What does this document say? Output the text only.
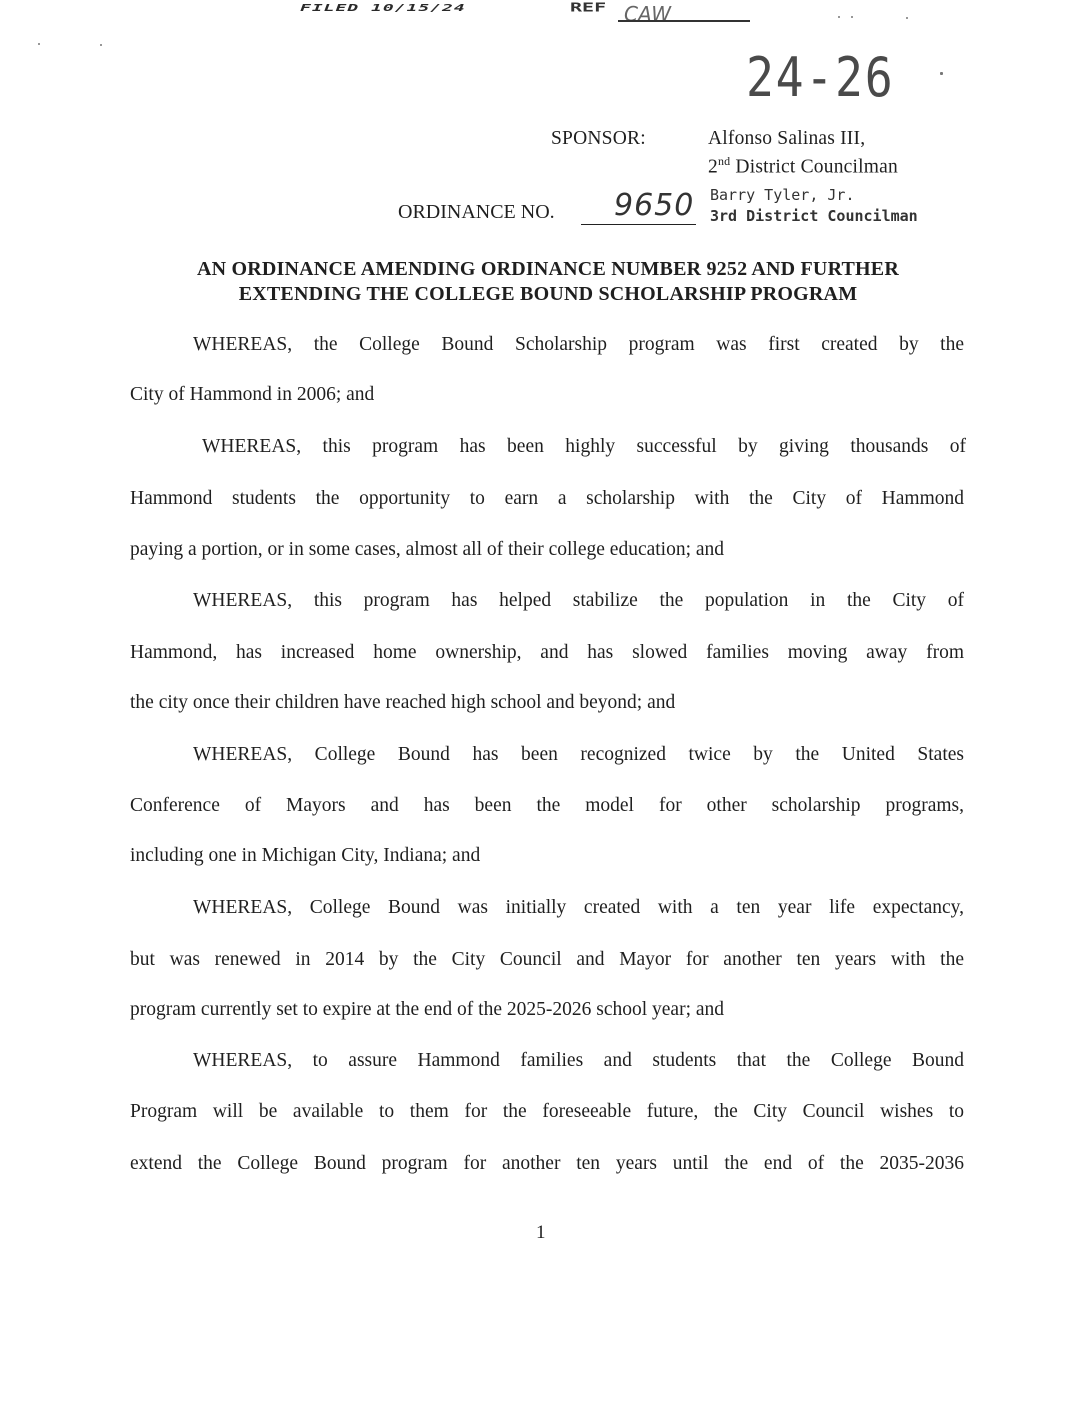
FILED 10/15/24	REF CAW
24-26
SPONSOR:	Alfonso Salinas III,
2nd District Councilman
Barry Tyler, Jr.
3rd District Councilman
ORDINANCE NO. 9650
AN ORDINANCE AMENDING ORDINANCE NUMBER 9252 AND FURTHER
EXTENDING THE COLLEGE BOUND SCHOLARSHIP PROGRAM
WHEREAS, the College Bound Scholarship program was first created by the
City of Hammond in 2006; and
WHEREAS, this program has been highly successful by giving thousands of
Hammond students the opportunity to earn a scholarship with the City of Hammond
paying a portion, or in some cases, almost all of their college education; and
WHEREAS, this program has helped stabilize the population in the City of
Hammond, has increased home ownership, and has slowed families moving away from
the city once their children have reached high school and beyond; and
WHEREAS, College Bound has been recognized twice by the United States
Conference of Mayors and has been the model for other scholarship programs,
including one in Michigan City, Indiana; and
WHEREAS, College Bound was initially created with a ten year life expectancy,
but was renewed in 2014 by the City Council and Mayor for another ten years with the
program currently set to expire at the end of the 2025-2026 school year; and
WHEREAS, to assure Hammond families and students that the College Bound
Program will be available to them for the foreseeable future, the City Council wishes to
extend the College Bound program for another ten years until the end of the 2035-2036
1
